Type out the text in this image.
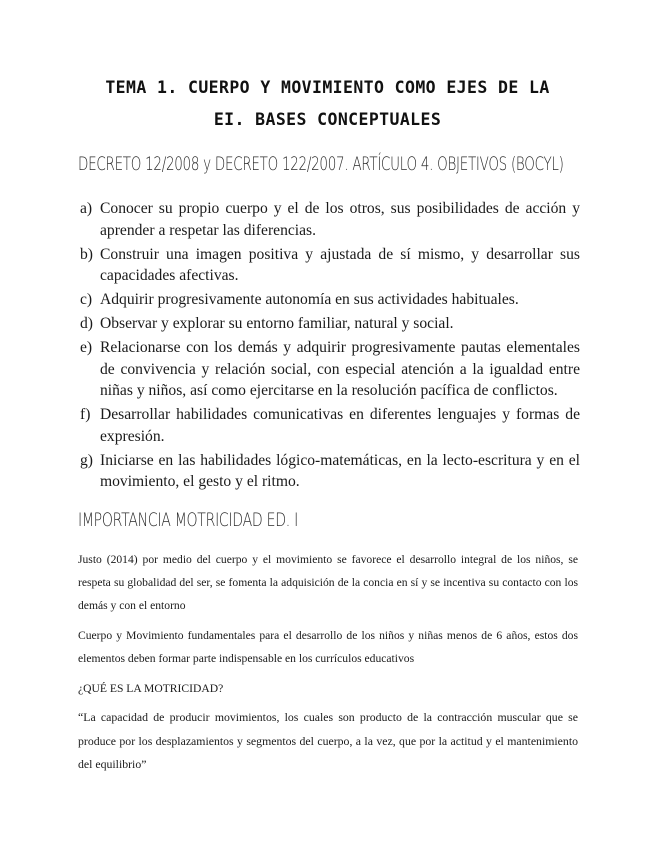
TEMA 1. CUERPO Y MOVIMIENTO COMO EJES DE LA
EI. BASES CONCEPTUALES
DECRETO 12/2008 y DECRETO 122/2007. ARTÍCULO 4. OBJETIVOS (BOCYL)
a) Conocer su propio cuerpo y el de los otros, sus posibilidades de acción y aprender a respetar las diferencias.
b) Construir una imagen positiva y ajustada de sí mismo, y desarrollar sus capacidades afectivas.
c) Adquirir progresivamente autonomía en sus actividades habituales.
d) Observar y explorar su entorno familiar, natural y social.
e) Relacionarse con los demás y adquirir progresivamente pautas elementales de convivencia y relación social, con especial atención a la igualdad entre niñas y niños, así como ejercitarse en la resolución pacífica de conflictos.
f) Desarrollar habilidades comunicativas en diferentes lenguajes y formas de expresión.
g) Iniciarse en las habilidades lógico-matemáticas, en la lecto-escritura y en el movimiento, el gesto y el ritmo.
IMPORTANCIA MOTRICIDAD ED. I

Justo (2014) por medio del cuerpo y el movimiento se favorece el desarrollo integral de los niños, se respeta su globalidad del ser, se fomenta la adquisición de la concia en sí y se incentiva su contacto con los demás y con el entorno

Cuerpo y Movimiento fundamentales para el desarrollo de los niños y niñas menos de 6 años, estos dos elementos deben formar parte indispensable en los currículos educativos

¿QUÉ ES LA MOTRICIDAD?

“La capacidad de producir movimientos, los cuales son producto de la contracción muscular que se produce por los desplazamientos y segmentos del cuerpo, a la vez, que por la actitud y el mantenimiento del equilibrio”
